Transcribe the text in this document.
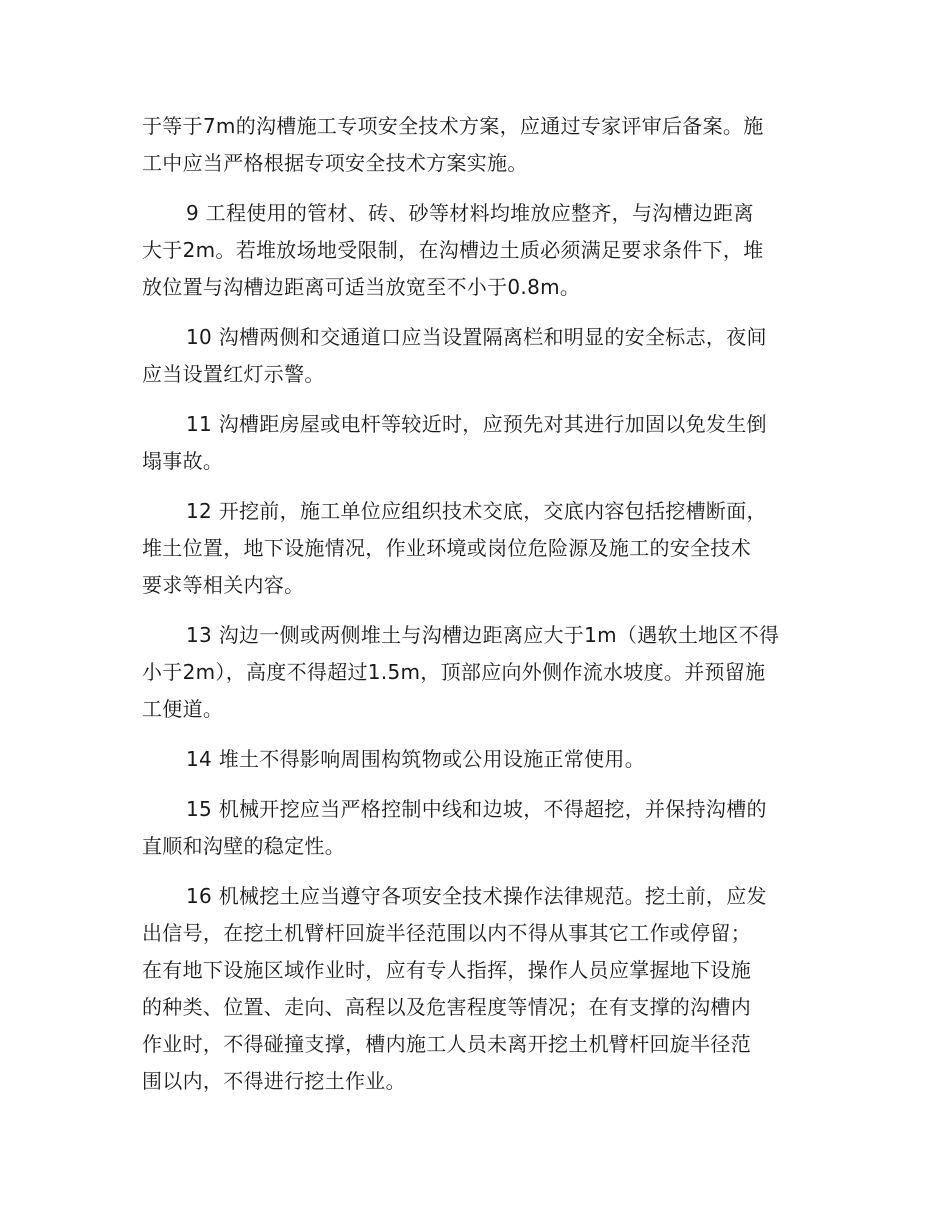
于等于7m的沟槽施工专项安全技术方案，应通过专家评审后备案。施
工中应当严格根据专项安全技术方案实施。

9 工程使用的管材、砖、砂等材料均堆放应整齐，与沟槽边距离
大于2m。若堆放场地受限制，在沟槽边土质必须满足要求条件下，堆
放位置与沟槽边距离可适当放宽至不小于0.8m。

10 沟槽两侧和交通道口应当设置隔离栏和明显的安全标志，夜间
应当设置红灯示警。

11 沟槽距房屋或电杆等较近时，应预先对其进行加固以免发生倒
塌事故。

12 开挖前，施工单位应组织技术交底，交底内容包括挖槽断面，
堆土位置，地下设施情况，作业环境或岗位危险源及施工的安全技术
要求等相关内容。

13 沟边一侧或两侧堆土与沟槽边距离应大于1m（遇软土地区不得
小于2m），高度不得超过1.5m，顶部应向外侧作流水坡度。并预留施
工便道。

14 堆土不得影响周围构筑物或公用设施正常使用。

15 机械开挖应当严格控制中线和边坡，不得超挖，并保持沟槽的
直顺和沟壁的稳定性。

16 机械挖土应当遵守各项安全技术操作法律规范。挖土前，应发
出信号，在挖土机臂杆回旋半径范围以内不得从事其它工作或停留；
在有地下设施区域作业时，应有专人指挥，操作人员应掌握地下设施
的种类、位置、走向、高程以及危害程度等情况；在有支撑的沟槽内
作业时，不得碰撞支撑，槽内施工人员未离开挖土机臂杆回旋半径范
围以内，不得进行挖土作业。
